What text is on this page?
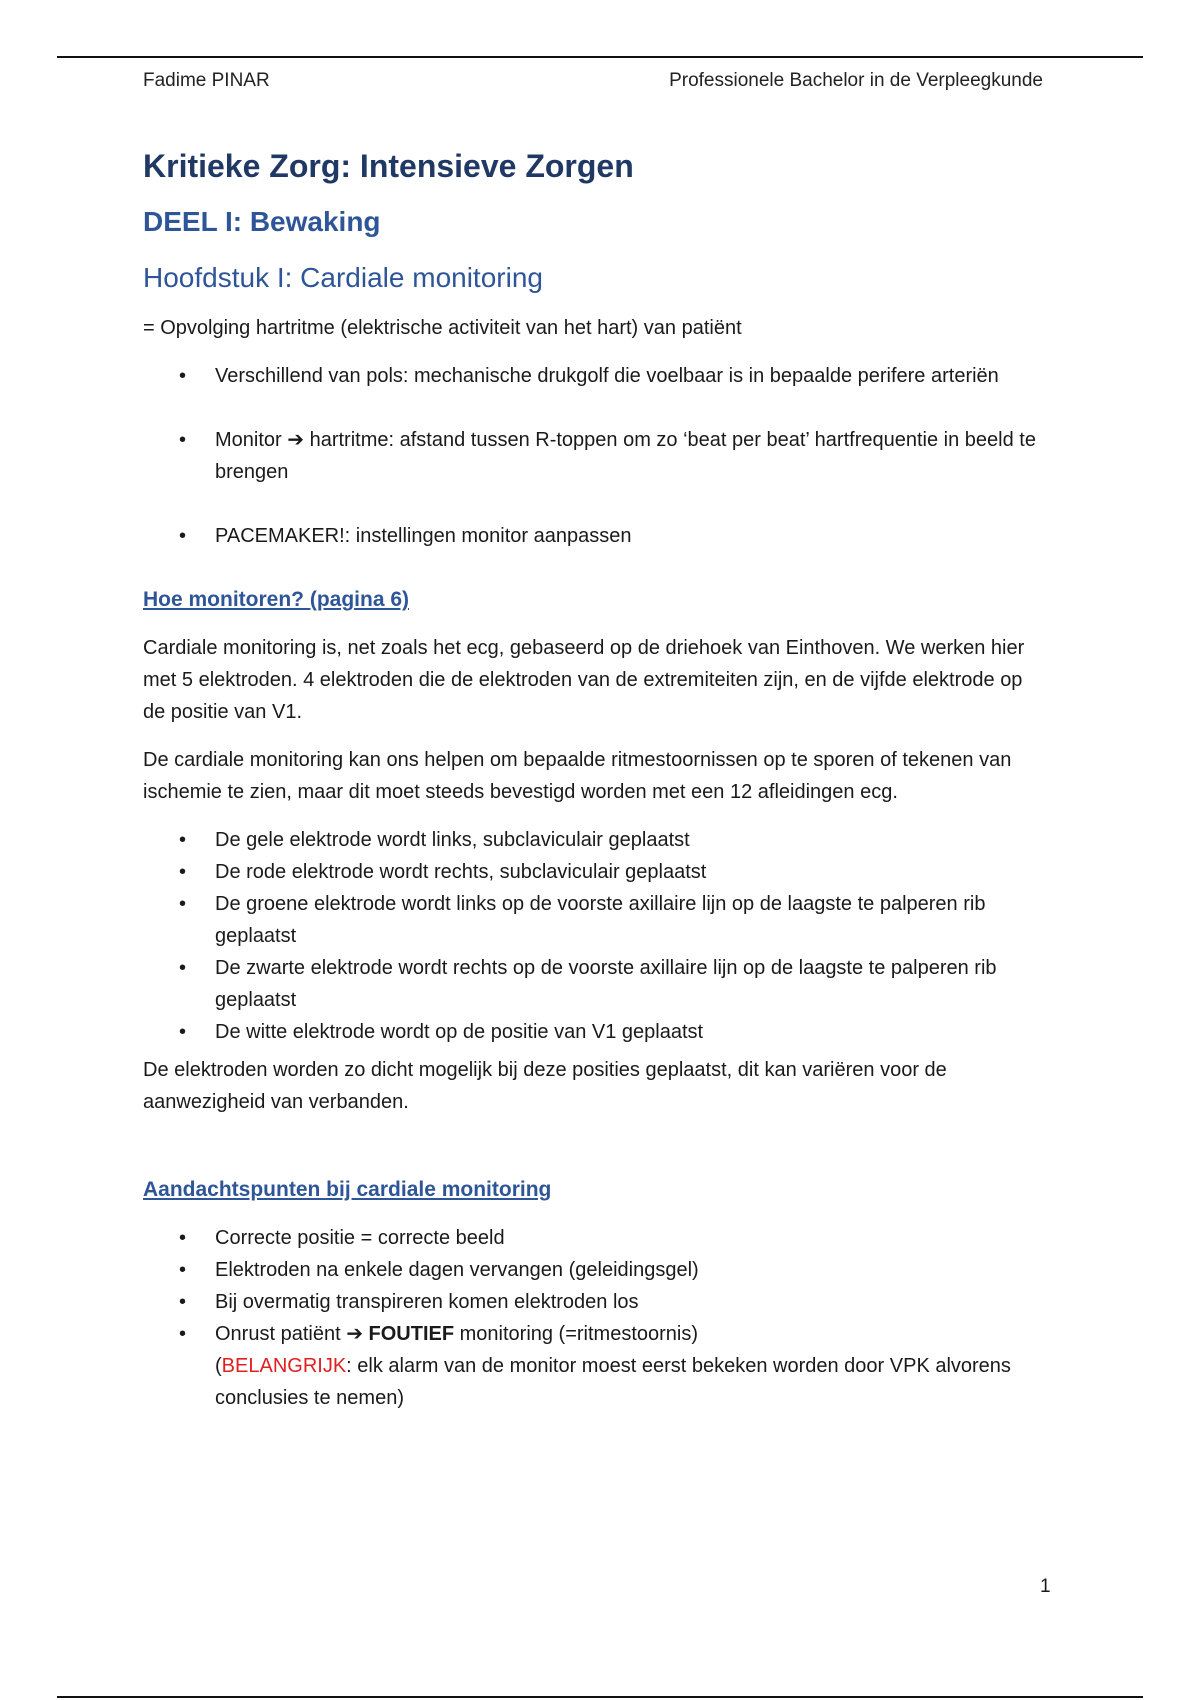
Fadime PINAR	Professionele Bachelor in de Verpleegkunde
Kritieke Zorg: Intensieve Zorgen
DEEL I: Bewaking
Hoofdstuk I: Cardiale monitoring

= Opvolging hartritme (elektrische activiteit van het hart) van patiënt

• Verschillend van pols: mechanische drukgolf die voelbaar is in bepaalde perifere arteriën
• Monitor ➔ hartritme: afstand tussen R-toppen om zo ‘beat per beat’ hartfrequentie in beeld te brengen
• PACEMAKER!: instellingen monitor aanpassen
Hoe monitoren? (pagina 6)

Cardiale monitoring is, net zoals het ecg, gebaseerd op de driehoek van Einthoven. We werken hier met 5 elektroden. 4 elektroden die de elektroden van de extremiteiten zijn, en de vijfde elektrode op de positie van V1.

De cardiale monitoring kan ons helpen om bepaalde ritmestoornissen op te sporen of tekenen van ischemie te zien, maar dit moet steeds bevestigd worden met een 12 afleidingen ecg.

• De gele elektrode wordt links, subclaviculair geplaatst
• De rode elektrode wordt rechts, subclaviculair geplaatst
• De groene elektrode wordt links op de voorste axillaire lijn op de laagste te palperen rib geplaatst
• De zwarte elektrode wordt rechts op de voorste axillaire lijn op de laagste te palperen rib geplaatst
• De witte elektrode wordt op de positie van V1 geplaatst

De elektroden worden zo dicht mogelijk bij deze posities geplaatst, dit kan variëren voor de aanwezigheid van verbanden.

Aandachtspunten bij cardiale monitoring
• Correcte positie = correcte beeld
• Elektroden na enkele dagen vervangen (geleidingsgel)
• Bij overmatig transpireren komen elektroden los
• Onrust patiënt ➔ FOUTIEF monitoring (=ritmestoornis)
(BELANGRIJK: elk alarm van de monitor moest eerst bekeken worden door VPK alvorens conclusies te nemen)
1
